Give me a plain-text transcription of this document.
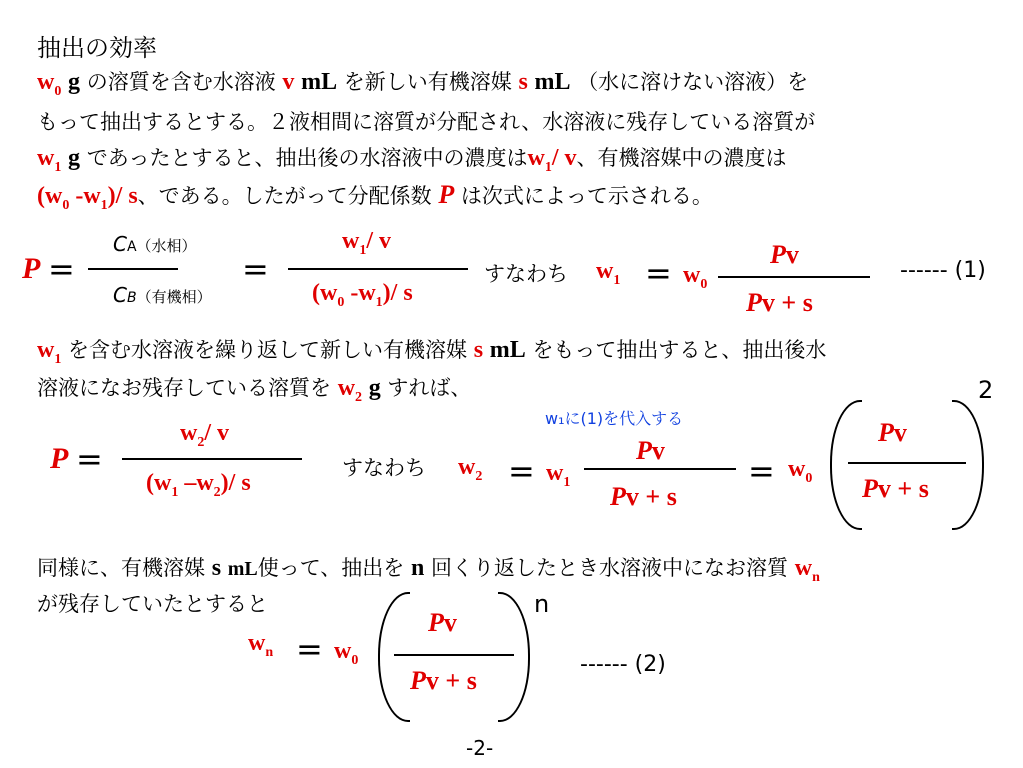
抽出の効率
$w_0$ g の溶質を含む水溶液 v mL を新しい有機溶媒 s mL （水に溶けない溶液）を
もって抽出するとする。２液相間に溶質が分配され、水溶液に残存している溶質が
$w_1$ g であったとすると、抽出後の水溶液中の濃度は$w_1/$ v、有機溶媒中の濃度は
($w_0$ $-w_1)/$ s、である。したがって分配係数 P は次式によって示される。
P =
CA（水相）
CB（有機相）
=
$w_1/$ v
($w_0$ $-w_1)/$ s
すなわち $w_1 = w_0$
Pv
Pv + s
------ (1)
$w_1$ を含む水溶液を繰り返して新しい有機溶媒 s mL をもって抽出すると、抽出後水
溶液になお残存している溶質を $w_2$ g すれば、	2
w₁に(1)を代入する
P =
$w_2/$ v
($w_1$ $-w_2)/$ s
すなわち $w_2 = w_1$
Pv
Pv + s
= $w_0$
Pv
Pv + s
同様に、有機溶媒 s mL使って、抽出を n 回くり返したとき水溶液中になお溶質 $w_n$
が残存していたとすると	n
$w_n = w_0$
Pv
Pv + s
------ (2)
-2-
